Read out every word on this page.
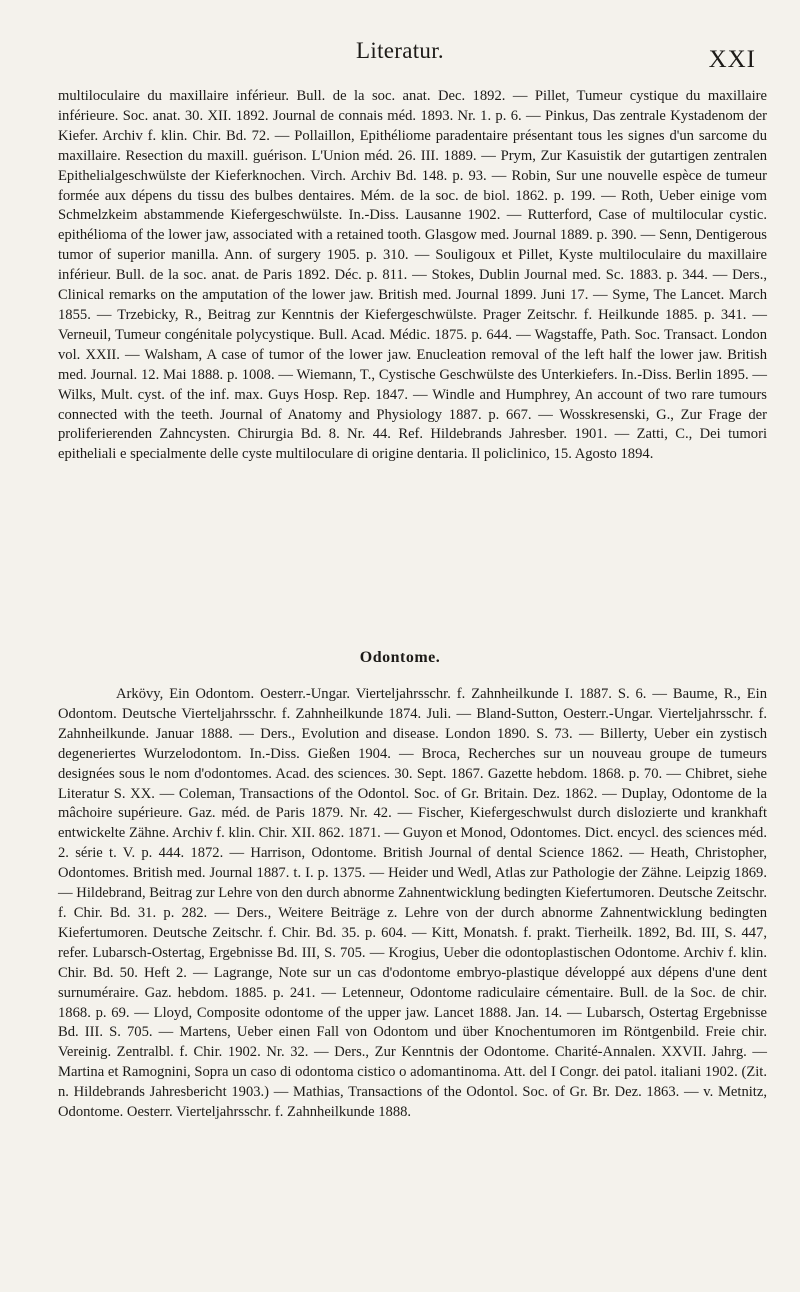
Literatur.	XXI

multiloculaire du maxillaire inférieur. Bull. de la soc. anat. Dec. 1892. — Pillet, Tumeur cystique du maxillaire inférieure. Soc. anat. 30. XII. 1892. Journal de connais méd. 1893. Nr. 1. p. 6. — Pinkus, Das zentrale Kystadenom der Kiefer. Archiv f. klin. Chir. Bd. 72. — Pollaillon, Epithéliome paradentaire présentant tous les signes d'un sarcome du maxillaire. Resection du maxill. guérison. L'Union méd. 26. III. 1889. — Prym, Zur Kasuistik der gutartigen zentralen Epithelialgeschwülste der Kieferknochen. Virch. Archiv Bd. 148. p. 93. — Robin, Sur une nouvelle espèce de tumeur formée aux dépens du tissu des bulbes dentaires. Mém. de la soc. de biol. 1862. p. 199. — Roth, Ueber einige vom Schmelzkeim abstammende Kiefergeschwülste. In.-Diss. Lausanne 1902. — Rutterford, Case of multilocular cystic. epithélioma of the lower jaw, associated with a retained tooth. Glasgow med. Journal 1889. p. 390. — Senn, Dentigerous tumor of superior manilla. Ann. of surgery 1905. p. 310. — Souligoux et Pillet, Kyste multiloculaire du maxillaire inférieur. Bull. de la soc. anat. de Paris 1892. Déc. p. 811. — Stokes, Dublin Journal med. Sc. 1883. p. 344. — Ders., Clinical remarks on the amputation of the lower jaw. British med. Journal 1899. Juni 17. — Syme, The Lancet. March 1855. — Trzebicky, R., Beitrag zur Kenntnis der Kiefergeschwülste. Prager Zeitschr. f. Heilkunde 1885. p. 341. — Verneuil, Tumeur congénitale polycystique. Bull. Acad. Médic. 1875. p. 644. — Wagstaffe, Path. Soc. Transact. London vol. XXII. — Walsham, A case of tumor of the lower jaw. Enucleation removal of the left half the lower jaw. British med. Journal. 12. Mai 1888. p. 1008. — Wiemann, T., Cystische Geschwülste des Unterkiefers. In.-Diss. Berlin 1895. — Wilks, Mult. cyst. of the inf. max. Guys Hosp. Rep. 1847. — Windle and Humphrey, An account of two rare tumours connected with the teeth. Journal of Anatomy and Physiology 1887. p. 667. — Wosskresenski, G., Zur Frage der proliferierenden Zahncysten. Chirurgia Bd. 8. Nr. 44. Ref. Hildebrands Jahresber. 1901. — Zatti, C., Dei tumori epitheliali e specialmente delle cyste multiloculare di origine dentaria. Il policlinico, 15. Agosto 1894.

Odontome.

Arkövy, Ein Odontom. Oesterr.-Ungar. Vierteljahrsschr. f. Zahnheilkunde I. 1887. S. 6. — Baume, R., Ein Odontom. Deutsche Vierteljahrsschr. f. Zahnheilkunde 1874. Juli. — Bland-Sutton, Oesterr.-Ungar. Vierteljahrsschr. f. Zahnheilkunde. Januar 1888. — Ders., Evolution and disease. London 1890. S. 73. — Billerty, Ueber ein zystisch degeneriertes Wurzelodontom. In.-Diss. Gießen 1904. — Broca, Recherches sur un nouveau groupe de tumeurs designées sous le nom d'odontomes. Acad. des sciences. 30. Sept. 1867. Gazette hebdom. 1868. p. 70. — Chibret, siehe Literatur S. XX. — Coleman, Transactions of the Odontol. Soc. of Gr. Britain. Dez. 1862. — Duplay, Odontome de la mâchoire supérieure. Gaz. méd. de Paris 1879. Nr. 42. — Fischer, Kiefergeschwulst durch dislozierte und krankhaft entwickelte Zähne. Archiv f. klin. Chir. XII. 862. 1871. — Guyon et Monod, Odontomes. Dict. encycl. des sciences méd. 2. série t. V. p. 444. 1872. — Harrison, Odontome. British Journal of dental Science 1862. — Heath, Christopher, Odontomes. British med. Journal 1887. t. I. p. 1375. — Heider und Wedl, Atlas zur Pathologie der Zähne. Leipzig 1869. — Hildebrand, Beitrag zur Lehre von den durch abnorme Zahnentwicklung bedingten Kiefertumoren. Deutsche Zeitschr. f. Chir. Bd. 31. p. 282. — Ders., Weitere Beiträge z. Lehre von der durch abnorme Zahnentwicklung bedingten Kiefertumoren. Deutsche Zeitschr. f. Chir. Bd. 35. p. 604. — Kitt, Monatsh. f. prakt. Tierheilk. 1892, Bd. III, S. 447, refer. Lubarsch-Ostertag, Ergebnisse Bd. III, S. 705. — Krogius, Ueber die odontoplastischen Odontome. Archiv f. klin. Chir. Bd. 50. Heft 2. — Lagrange, Note sur un cas d'odontome embryo-plastique développé aux dépens d'une dent surnuméraire. Gaz. hebdom. 1885. p. 241. — Letenneur, Odontome radiculaire cémentaire. Bull. de la Soc. de chir. 1868. p. 69. — Lloyd, Composite odontome of the upper jaw. Lancet 1888. Jan. 14. — Lubarsch, Ostertag Ergebnisse Bd. III. S. 705. — Martens, Ueber einen Fall von Odontom und über Knochentumoren im Röntgenbild. Freie chir. Vereinig. Zentralbl. f. Chir. 1902. Nr. 32. — Ders., Zur Kenntnis der Odontome. Charité-Annalen. XXVII. Jahrg. — Martina et Ramognini, Sopra un caso di odontoma cistico o adomantinoma. Att. del I Congr. dei patol. italiani 1902. (Zit. n. Hildebrands Jahresbericht 1903.) — Mathias, Transactions of the Odontol. Soc. of Gr. Br. Dez. 1863. — v. Metnitz, Odontome. Oesterr. Vierteljahrsschr. f. Zahnheilkunde 1888.
